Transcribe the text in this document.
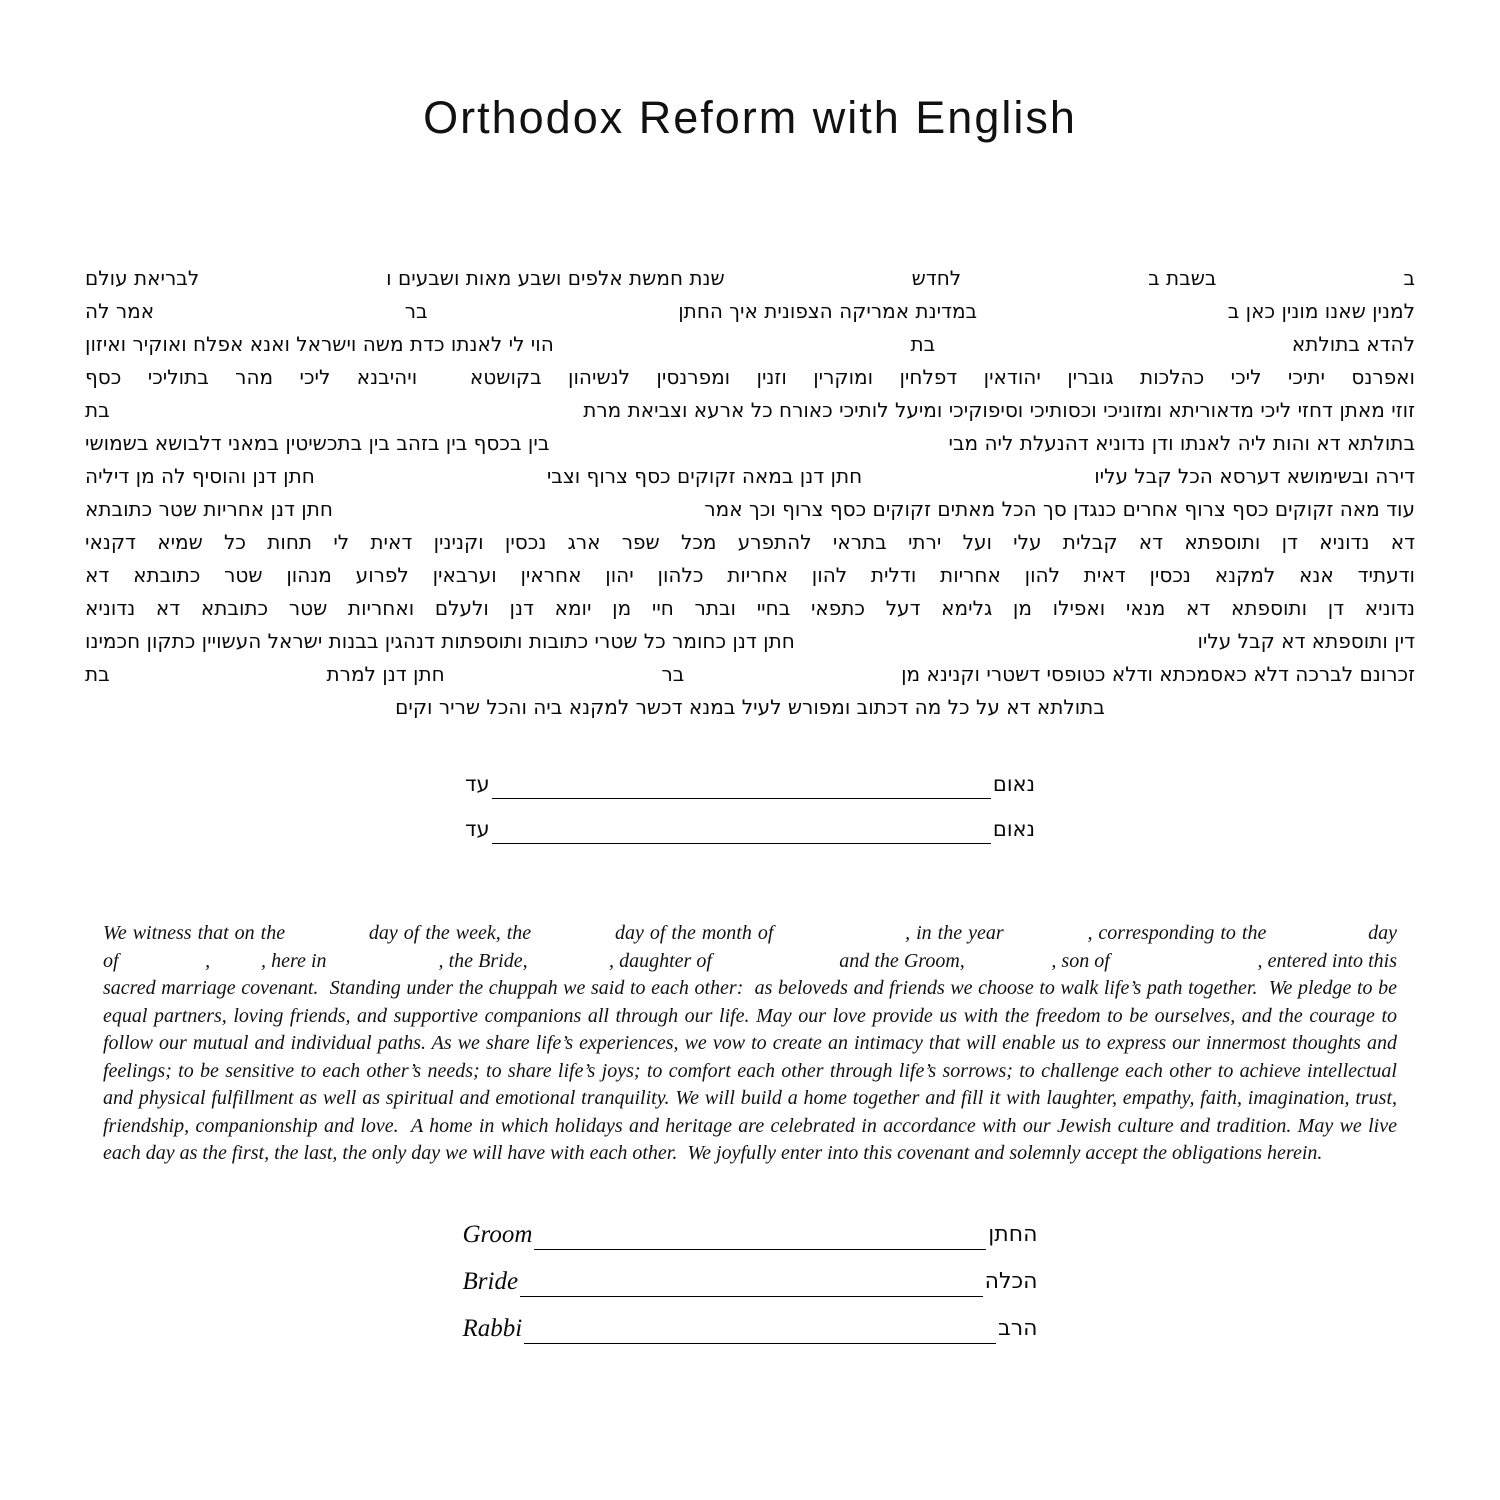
Orthodox Reform with English
ב
בשבת ב
לחדש
שנת חמשת אלפים ושבע מאות ושבעים ו
לבריאת עולם
למנין שאנו מונין כאן ב
במדינת אמריקה הצפונית איך החתן
בר
אמר לה
להדא בתולתא
בת
הוי לי לאנתו כדת משה וישראל ואנא אפלח ואוקיר ואיזון
ואפרנס יתיכי ליכי כהלכות גוברין יהודאין דפלחין ומוקרין וזנין ומפרנסין לנשיהון בקושטא  ויהיבנא ליכי מהר בתוליכי כסף
זוזי מאתן דחזי ליכי מדאוריתא ומזוניכי וכסותיכי וסיפוקיכי ומיעל לותיכי כאורח כל ארעא וצביאת מרת
בת
בתולתא דא והות ליה לאנתו ודן נדוניא דהנעלת ליה מבי
בין בכסף בין בזהב בין בתכשיטין במאני דלבושא בשמושי
דירה ובשימושא דערסא הכל קבל עליו
חתן דנן במאה זקוקים כסף צרוף וצבי
חתן דנן והוסיף לה מן דיליה
עוד מאה זקוקים כסף צרוף אחרים כנגדן סך הכל מאתים זקוקים כסף צרוף וכך אמר
חתן דנן אחריות שטר כתובתא
דא נדוניא דן ותוספתא דא קבלית עלי ועל ירתי בתראי להתפרע מכל שפר ארג נכסין וקנינין דאית לי תחות כל שמיא דקנאי
ודעתיד אנא למקנא נכסין דאית להון אחריות ודלית להון אחריות כלהון יהון אחראין וערבאין לפרוע מנהון שטר כתובתא דא
נדוניא דן ותוספתא דא מנאי ואפילו מן גלימא דעל כתפאי בחיי ובתר חיי מן יומא דנן ולעלם ואחריות שטר כתובתא דא נדוניא
דין ותוספתא דא קבל עליו
חתן דנן כחומר כל שטרי כתובות ותוספתות דנהגין בבנות ישראל העשויין כתקון חכמינו
זכרונם לברכה דלא כאסמכתא ודלא כטופסי דשטרי וקנינא מן
בר
חתן דנן למרת
בת
בתולתא דא על כל מה דכתוב ומפורש לעיל במנא דכשר למקנא ביה והכל שריר וקים
נאום
עד
נאום
עד
We witness that on the              day of the week, the              day of the month of                      , in the year              , corresponding to the                 day of                 ,          , here in                      , the Bride,                , daughter of                         and the Groom,                 , son of                             , entered into this sacred marriage covenant.  Standing under the chuppah we said to each other:  as beloveds and friends we choose to walk life’s path together.  We pledge to be equal partners, loving friends, and supportive companions all through our life. May our love provide us with the freedom to be ourselves, and the courage to follow our mutual and individual paths. As we share life’s experiences, we vow to create an intimacy that will enable us to express our innermost thoughts and feelings; to be sensitive to each other’s needs; to share life’s joys; to comfort each other through life’s sorrows; to challenge each other to achieve intellectual and physical fulfillment as well as spiritual and emotional tranquility. We will build a home together and fill it with laughter, empathy, faith, imagination, trust, friendship, companionship and love.  A home in which holidays and heritage are celebrated in accordance with our Jewish culture and tradition. May we live each day as the first, the last, the only day we will have with each other.  We joyfully enter into this covenant and solemnly accept the obligations herein.
Groom	החתן
Bride	הכלה
Rabbi	הרב
